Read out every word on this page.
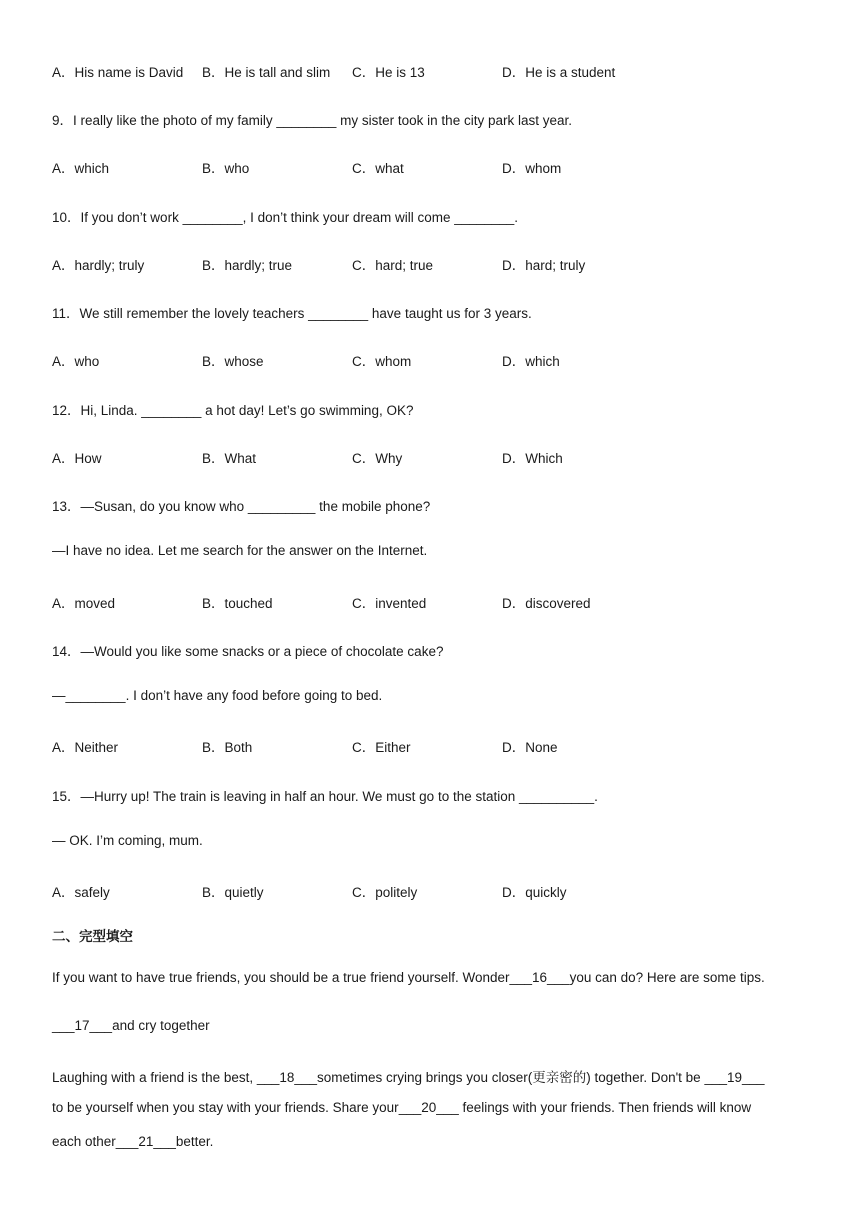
A．His name is David B．He is tall and slim C．He is 13	D．He is a student
9．I really like the photo of my family ________ my sister took in the city park last year.
A．which	B．who	C．what	D．whom
10．If you don’t work ________, I don’t think your dream will come ________.
A．hardly; truly	B．hardly; true	C．hard; true	D．hard; truly
11．We still remember the lovely teachers ________ have taught us for 3 years.
A．who	B．whose	C．whom	D．which
12．Hi, Linda. ________ a hot day! Let’s go swimming, OK?
A．How	B．What	C．Why	D．Which
13．—Susan, do you know who _________ the mobile phone?
—I have no idea. Let me search for the answer on the Internet.
A．moved	B．touched	C．invented	D．discovered
14．—Would you like some snacks or a piece of chocolate cake?
—________. I don’t have any food before going to bed.
A．Neither	B．Both	C．Either	D．None
15．—Hurry up! The train is leaving in half an hour. We must go to the station __________.
— OK. I’m coming, mum.
A．safely	B．quietly	C．politely	D．quickly
二、完型填空
If you want to have true friends, you should be a true friend yourself. Wonder___16___you can do? Here are some tips.
___17___and cry together
Laughing with a friend is the best, ___18___sometimes crying brings you closer(更亲密的) together. Don't be ___19___
to be yourself when you stay with your friends. Share your___20___ feelings with your friends. Then friends will know
each other___21___better.
